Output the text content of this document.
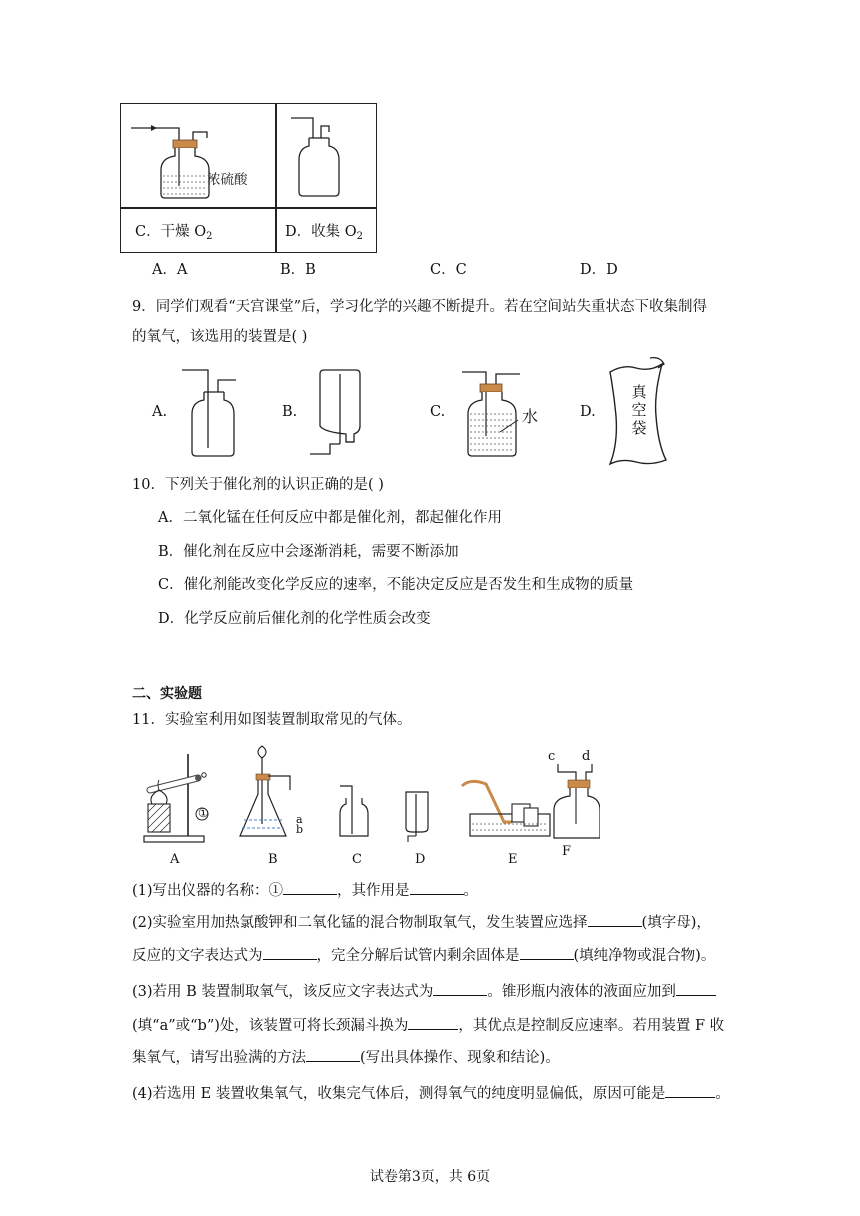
浓硫酸
C．干燥 $O_2$	D．收集 $O_2$
A．A	B．B	C．C	D．D
9．同学们观看“天宫课堂”后，学习化学的兴趣不断提升。若在空间站失重状态下收集制得
的氧气，该选用的装置是( )
A.	B.	C.	水	D.
真
空
袋
10．下列关于催化剂的认识正确的是( )
A．二氧化锰在任何反应中都是催化剂，都起催化作用
B．催化剂在反应中会逐渐消耗，需要不断添加
C．催化剂能改变化学反应的速率，不能决定反应是否发生和生成物的质量
D．化学反应前后催化剂的化学性质会改变
二、实验题
11．实验室利用如图装置制取常见的气体。
A	B	C	D	E
F
①	a
b
c d
(1)写出仪器的名称：①	，其作用是	。
(2)实验室用加热氯酸钾和二氧化锰的混合物制取氧气，发生装置应选择	(填字母)，
反应的文字表达式为	，完全分解后试管内剩余固体是	(填纯净物或混合物)。
(3)若用 B 装置制取氧气，该反应文字表达式为	。锥形瓶内液体的液面应加到
(填“a”或“b”)处，该装置可将长颈漏斗换为	，其优点是控制反应速率。若用装置 F 收
集氧气，请写出验满的方法	(写出具体操作、现象和结论)。
(4)若选用 E 装置收集氧气，收集完气体后，测得氧气的纯度明显偏低，原因可能是	。
试卷第3页，共 6页
